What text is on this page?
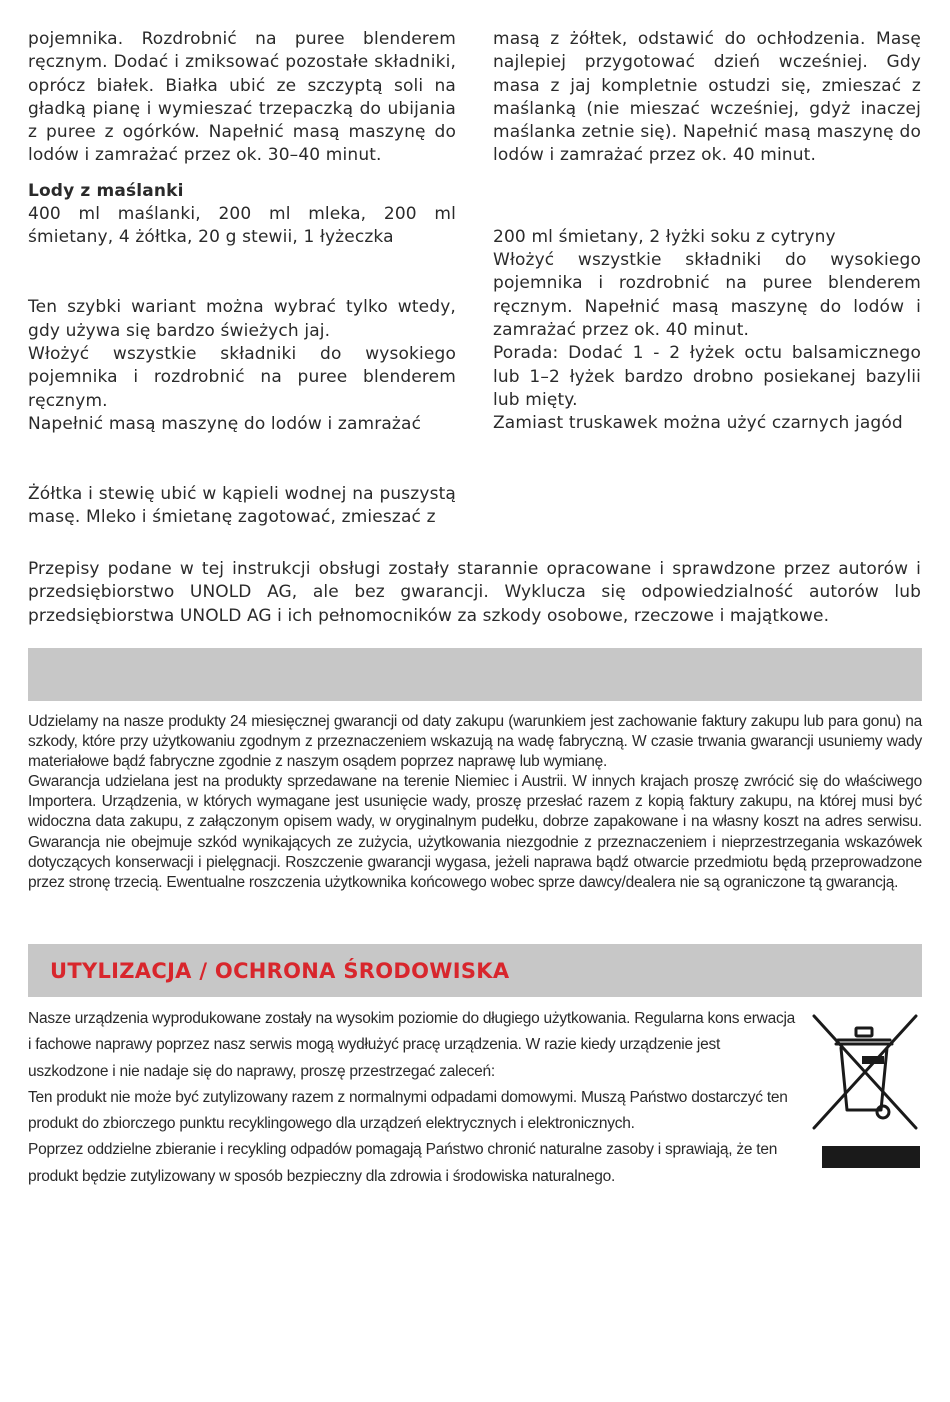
pojemnika. Rozdrobnić na puree blenderem ręcznym. Dodać i zmiksować pozostałe składniki, oprócz białek. Białka ubić ze szczyptą soli na gładką pianę i wymieszać trzepaczką do ubijania z puree z ogórków. Napełnić masą maszynę do lodów i zamrażać przez ok. 30–40 minut.

Lody z maślanki

400 ml maślanki, 200 ml mleka, 200 ml śmietany, 4 żółtka, 20 g stewii, 1 łyżeczka

Ten szybki wariant można wybrać tylko wtedy, gdy używa się bardzo świeżych jaj.

Włożyć wszystkie składniki do wysokiego pojemnika i rozdrobnić na puree blenderem ręcznym.

Napełnić masą maszynę do lodów i zamrażać

Żółtka i stewię ubić w kąpieli wodnej na puszystą masę. Mleko i śmietanę zagotować, zmieszać z

masą z żółtek, odstawić do ochłodzenia. Masę najlepiej przygotować dzień wcześniej. Gdy masa z jaj kompletnie ostudzi się, zmieszać z maślanką (nie mieszać wcześniej, gdyż inaczej maślanka zetnie się). Napełnić masą maszynę do lodów i zamrażać przez ok. 40 minut.

200 ml śmietany, 2 łyżki soku z cytryny

Włożyć wszystkie składniki do wysokiego pojemnika i rozdrobnić na puree blenderem ręcznym. Napełnić masą maszynę do lodów i zamrażać przez ok. 40 minut.

Porada: Dodać 1 - 2 łyżek octu balsamicznego lub 1–2 łyżek bardzo drobno posiekanej bazylii lub mięty.

Zamiast truskawek można użyć czarnych jagód

Przepisy podane w tej instrukcji obsługi zostały starannie opracowane i sprawdzone przez autorów i przedsiębiorstwo UNOLD AG, ale bez gwarancji. Wyklucza się odpowiedzialność autorów lub przedsiębiorstwa UNOLD AG i ich pełnomocników za szkody osobowe, rzeczowe i majątkowe.

Udzielamy na nasze produkty 24 miesięcznej gwarancji od daty zakupu (warunkiem jest zachowanie faktury zakupu lub para gonu) na szkody, które przy użytkowaniu zgodnym z przeznaczeniem wskazują na wadę fabryczną. W czasie trwania gwarancji usuniemy wady materiałowe bądź fabryczne zgodnie z naszym osądem poprzez naprawę lub wymianę.

Gwarancja udzielana jest na produkty sprzedawane na terenie Niemiec i Austrii. W innych krajach proszę zwrócić się do właściwego Importera. Urządzenia, w których wymagane jest usunięcie wady, proszę przesłać razem z kopią faktury zakupu, na której musi być widoczna data zakupu, z załączonym opisem wady, w oryginalnym pudełku, dobrze zapakowane i na własny koszt na adres serwisu. Gwarancja nie obejmuje szkód wynikających ze zużycia, użytkowania niezgodnie z przeznaczeniem i nieprzestrzegania wskazówek dotyczących konserwacji i pielęgnacji. Roszczenie gwarancji wygasa, jeżeli naprawa bądź otwarcie przedmiotu będą przeprowadzone przez stronę trzecią. Ewentualne roszczenia użytkownika końcowego wobec sprze dawcy/dealera nie są ograniczone tą gwarancją.

UTYLIZACJA / OCHRONA ŚRODOWISKA

Nasze urządzenia wyprodukowane zostały na wysokim poziomie do długiego użytkowania. Regularna kons erwacja i fachowe naprawy poprzez nasz serwis mogą wydłużyć pracę urządzenia. W razie kiedy urządzenie jest uszkodzone i nie nadaje się do naprawy, proszę przestrzegać zaleceń:

Ten produkt nie może być zutylizowany razem z normalnymi odpadami domowymi. Muszą Państwo dostarczyć ten produkt do zbiorczego punktu recyklingowego dla urządzeń elektrycznych i elektronicznych.

Poprzez oddzielne zbieranie i recykling odpadów pomagają Państwo chronić naturalne zasoby i sprawiają, że ten produkt będzie zutylizowany w sposób bezpieczny dla zdrowia i środowiska naturalnego.
